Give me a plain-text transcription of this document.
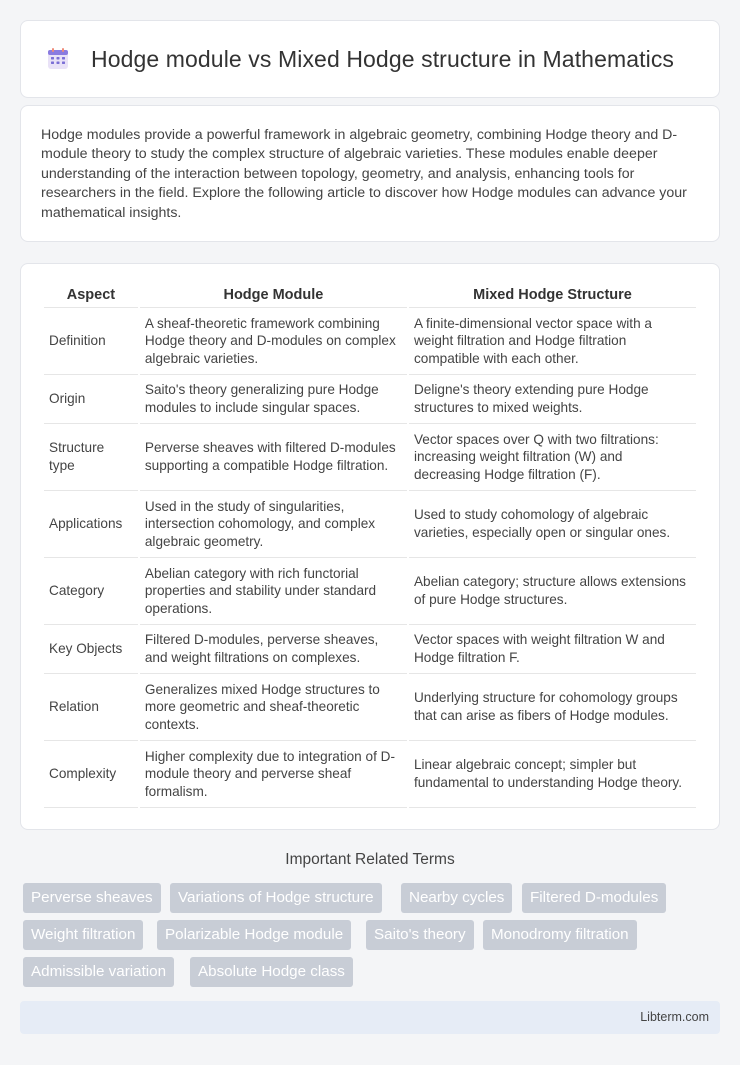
Hodge module vs Mixed Hodge structure in Mathematics

Hodge modules provide a powerful framework in algebraic geometry, combining Hodge theory and D-module theory to study the complex structure of algebraic varieties. These modules enable deeper understanding of the interaction between topology, geometry, and analysis, enhancing tools for researchers in the field. Explore the following article to discover how Hodge modules can advance your mathematical insights.

Aspect	Hodge Module	Mixed Hodge Structure
Definition	A sheaf-theoretic framework combining Hodge theory and D-modules on complex algebraic varieties.	A finite-dimensional vector space with a weight filtration and Hodge filtration compatible with each other.
Origin	Saito's theory generalizing pure Hodge modules to include singular spaces.	Deligne's theory extending pure Hodge structures to mixed weights.
Structure type	Perverse sheaves with filtered D-modules supporting a compatible Hodge filtration.	Vector spaces over Q with two filtrations: increasing weight filtration (W) and decreasing Hodge filtration (F).
Applications	Used in the study of singularities, intersection cohomology, and complex algebraic geometry.	Used to study cohomology of algebraic varieties, especially open or singular ones.
Category	Abelian category with rich functorial properties and stability under standard operations.	Abelian category; structure allows extensions of pure Hodge structures.
Key Objects	Filtered D-modules, perverse sheaves, and weight filtrations on complexes.	Vector spaces with weight filtration W and Hodge filtration F.
Relation	Generalizes mixed Hodge structures to more geometric and sheaf-theoretic contexts.	Underlying structure for cohomology groups that can arise as fibers of Hodge modules.
Complexity	Higher complexity due to integration of D-module theory and perverse sheaf formalism.	Linear algebraic concept; simpler but fundamental to understanding Hodge theory.
Important Related Terms
Perverse sheaves	Variations of Hodge structure	Nearby cycles	Filtered D-modules
Weight filtration	Polarizable Hodge module	Saito's theory	Monodromy filtration
Admissible variation	Absolute Hodge class
Libterm.com
